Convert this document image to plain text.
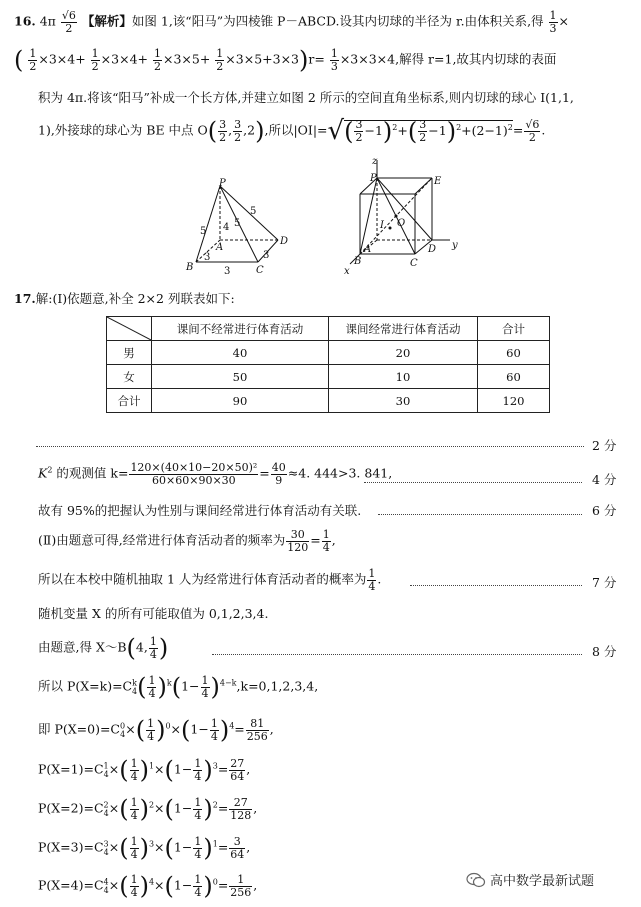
16. $4\pi \frac{√6}{2}$ 【解析】如图 1,该“阳马”为四棱锥 P－ABCD.设其内切球的半径为 r.由体积关系,得 $\frac{1}{3}$ ×
( $\frac{1}{2} \times 3\times 4+ \frac{1}{2} \times 3\times 4+ \frac{1}{2} \times 3\times 5+ \frac{1}{2} \times 3\times 5+3\times 3)r= \frac{1}{3} \times 3\times 3\times 4$,解得 r=1,故其内切球的表面
积为 4π.将该“阳马”补成一个长方体,并建立如图 2 所示的空间直角坐标系,则内切球的球心 I(1,1,
1),外接球的球心为 BE 中点 $O( \frac{3}{2}$ , $\frac{3}{2} ,2$),所以$|OI|=√( \frac{3}{2} -1)^2+( \frac{3}{2} -1)^2+(2-1)^2= \frac{√6}{2}$ .
P
A
B	C
D
5 4
3
3
3
5
5
z
P	E
I O
A
B	C
D y
x
17.解:(Ⅰ)依题意,补全 2×2 列联表如下:
	课间不经常进行体育活动	课间经常进行体育活动	合计
男	40	20	60
女	50	10	60
合计	90	30	120
2 分
$K^2$ 的观测值 $k= \frac{\text{120×(40×10−20×50)²}}{60\times 60\times 90\times 30} = \frac{40}{9} \approx 4$. 444>3. 841,	4 分
故有 95%的把握认为性别与课间经常进行体育活动有关联.	6 分
(Ⅱ)由题意可得,经常进行体育活动者的频率为 $\frac{30}{120} = \frac{1}{4}$ ,
所以在本校中随机抽取 1 人为经常进行体育活动者的概率为 $\frac{1}{4}$ .	7 分
随机变量 X 的所有可能取值为 0,1,2,3,4.
由题意,得 X～B(4, $\frac{1}{4}$ )	8 分
所以 $P(X=k)=C^k_4( \frac{1}{4} )^k(1- \frac{1}{4} )^{4-k},k=0,1,2,3,4$,
即 $P(X=0)=C^0_4\times( \frac{1}{4} )^0\times(1- \frac{1}{4} )^4= \frac{81}{256}$ ,
$P(X=1)=C^1_4\times( \frac{1}{4} )^1\times(1- \frac{1}{4} )^3= \frac{27}{64}$ ,
$P(X=2)=C^2_4\times( \frac{1}{4} )^2\times(1- \frac{1}{4} )^2= \frac{27}{128}$ ,
$P(X=3)=C^3_4\times( \frac{1}{4} )^3\times(1- \frac{1}{4} )^1= \frac{3}{64}$ ,
$P(X=4)=C^4_4\times( \frac{1}{4} )^4\times(1- \frac{1}{4} )^0= \frac{1}{256}$ ,	高中数学最新试题
